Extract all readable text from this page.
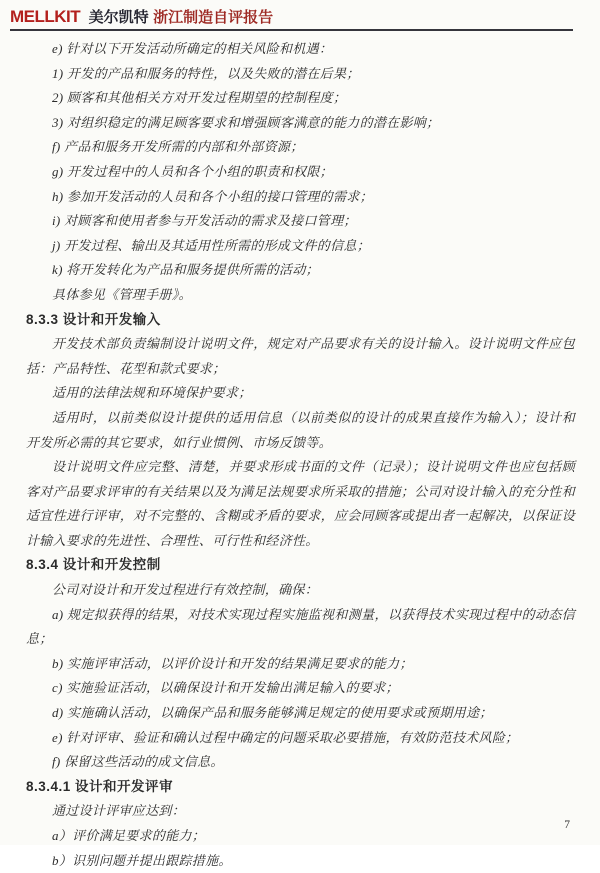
MELLKIT 美尔凯特 浙江制造自评报告

e) 针对以下开发活动所确定的相关风险和机遇：

1) 开发的产品和服务的特性，以及失败的潜在后果；

2) 顾客和其他相关方对开发过程期望的控制程度；

3) 对组织稳定的满足顾客要求和增强顾客满意的能力的潜在影响；

f) 产品和服务开发所需的内部和外部资源；

g) 开发过程中的人员和各个小组的职责和权限；

h) 参加开发活动的人员和各个小组的接口管理的需求；

i) 对顾客和使用者参与开发活动的需求及接口管理；

j) 开发过程、输出及其适用性所需的形成文件的信息；

k) 将开发转化为产品和服务提供所需的活动；

具体参见《管理手册》。

8.3.3 设计和开发输入

开发技术部负责编制设计说明文件，规定对产品要求有关的设计输入。设计说明文件应包括：产品特性、花型和款式要求；

适用的法律法规和环境保护要求；

适用时，以前类似设计提供的适用信息（以前类似的设计的成果直接作为输入）；设计和开发所必需的其它要求，如行业惯例、市场反馈等。

设计说明文件应完整、清楚，并要求形成书面的文件（记录）；设计说明文件也应包括顾客对产品要求评审的有关结果以及为满足法规要求所采取的措施；公司对设计输入的充分性和适宜性进行评审，对不完整的、含糊或矛盾的要求，应会同顾客或提出者一起解决，以保证设计输入要求的先进性、合理性、可行性和经济性。

8.3.4 设计和开发控制

公司对设计和开发过程进行有效控制，确保：

a) 规定拟获得的结果，对技术实现过程实施监视和测量，以获得技术实现过程中的动态信息；

b) 实施评审活动，以评价设计和开发的结果满足要求的能力；

c) 实施验证活动，以确保设计和开发输出满足输入的要求；

d) 实施确认活动，以确保产品和服务能够满足规定的使用要求或预期用途；

e) 针对评审、验证和确认过程中确定的问题采取必要措施，有效防范技术风险；

f) 保留这些活动的成文信息。

8.3.4.1 设计和开发评审

通过设计评审应达到：

a）评价满足要求的能力；

b）识别问题并提出跟踪措施。

7
